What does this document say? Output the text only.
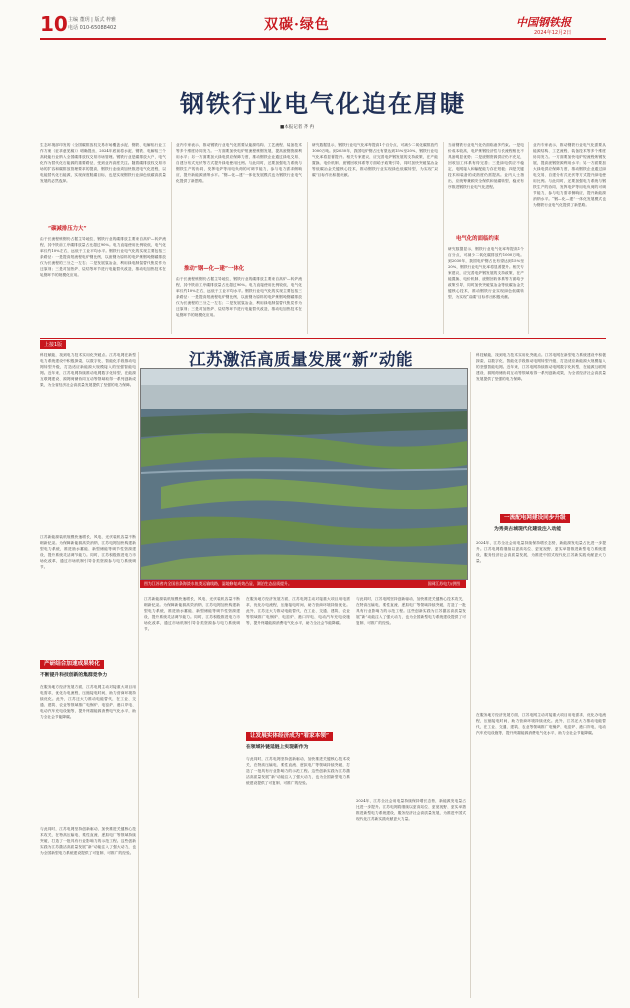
10 主编 董玥 | 版式 梓雅
电话 010-65088402	双碳·绿色	中国钢铁报
2024年12月2日
钢铁行业电气化迫在眉睫
■本报记者 齐 冉
生态环境部印发的《全国碳排放权交易市场覆盖水泥、钢铁、电解铝行业工作方案（征求意见稿）》明确提出，2024年底前将水泥、钢铁、电解铝三个高耗能行业纳入全国碳排放权交易市场管理。钢铁行业是碳排放大户，电气化作为替代化石能源的重要路径，受到业内高度关注。随着碳排放权交易市场的扩容和碳排放管理要求的提高，钢铁行业亟须加快推进电气化进程，以电能替代化石能源，实现深度脱碳目标，也是实现钢铁行业绿色低碳高质量发展的必然选择。
“碳减排压力大”
由于长流程炼钢仍占据主导地位，钢铁行业的碳排放主要来自高炉—转炉流程，其中铁前工序碳排放量占比超过90%。电力直接使用比例较低，电气化率仅约10%左右，远低于工业平均水平。钢铁行业电气化的实现主要包括三条路径：一是提高短流程电炉钢比例，以废钢为原料的电炉炼钢吨钢碳排放仅为长流程的三分之一左右；二是发展氢冶金，利用绿电制氢替代焦炭作为还原剂；三是对加热炉、烧结等环节进行电能替代改造，推动电加热技术在轧钢环节的规模化应用。
业内专家表示，推动钢铁行业电气化需要从能源结构、工艺流程、装备技术等多个维度协同发力。一方面要加快电炉短流程炼钢发展，提高废钢资源利用水平；另一方面要加大绿电供应保障力度，推动钢铁企业通过绿电交易、自建分布式光伏等方式提升绿电使用比例。与此同时，还要加强电力系统与钢铁生产的协同，发挥电炉等用电负荷的可调节能力，参与电力需求侧响应，提升新能源消纳水平。“钢—化—建”一体化发展模式也为钢铁行业电气化提供了新思路。
推动“钢—化—建”一体化
由于长流程炼钢仍占据主导地位，钢铁行业的碳排放主要来自高炉—转炉流程，其中铁前工序碳排放量占比超过90%。电力直接使用比例较低，电气化率仅约10%左右，远低于工业平均水平。钢铁行业电气化的实现主要包括三条路径：一是提高短流程电炉钢比例，以废钢为原料的电炉炼钢吨钢碳排放仅为长流程的三分之一左右；二是发展氢冶金，利用绿电制氢替代焦炭作为还原剂；三是对加热炉、烧结等环节进行电能替代改造，推动电加热技术在轧钢环节的规模化应用。
研究数据显示，钢铁行业电气化率每提高1个百分点，可减少二氧化碳排放约1000万吨。到2030年，我国电炉钢占比有望达到15%至20%，钢铁行业电气化率将显著提升。相关专家建议，应完善电炉钢发展的支持政策，在产能置换、电价机制、废钢回收体系等方面给予政策引导，同时加快突破氢冶金等低碳冶金关键核心技术，推动钢铁行业实现绿色低碳转型，为实现“双碳”目标作出积极贡献。
当前钢铁行业电气化仍面临诸多约束。一是电价成本较高，电炉炼钢经济性与长流程相比不具备明显优势；二是废钢资源供应仍不充足，回收加工体系有待完善；三是绿电供应不稳定，电网接入和输配能力存在短板；四是关键技术和装备的成熟度仍需提高。业内人士指出，应统筹兼顾安全保供和低碳转型，稳妥有序推进钢铁行业电气化进程。
电气化的面临约束
研究数据显示，钢铁行业电气化率每提高1个百分点，可减少二氧化碳排放约1000万吨。到2030年，我国电炉钢占比有望达到15%至20%，钢铁行业电气化率将显著提升。相关专家建议，应完善电炉钢发展的支持政策，在产能置换、电价机制、废钢回收体系等方面给予政策引导，同时加快突破氢冶金等低碳冶金关键核心技术，推动钢铁行业实现绿色低碳转型，为实现“双碳”目标作出积极贡献。
业内专家表示，推动钢铁行业电气化需要从能源结构、工艺流程、装备技术等多个维度协同发力。一方面要加快电炉短流程炼钢发展，提高废钢资源利用水平；另一方面要加大绿电供应保障力度，推动钢铁企业通过绿电交易、自建分布式光伏等方式提升绿电使用比例。与此同时，还要加强电力系统与钢铁生产的协同，发挥电炉等用电负荷的可调节能力，参与电力需求侧响应，提升新能源消纳水平。“钢—化—建”一体化发展模式也为钢铁行业电气化提供了新思路。
上接1版
科技赋能，找到电力技术实用化突破点。江苏电网在新型电力系统建设中积极探索，以数字化、智能化手段推动电网转型升级，打造适应新能源大规模接入的坚强智能电网。近年来，江苏电网持续推动电网数字化转型，在能源互联网建设、源网荷储协同互动等领域取得一系列创新成果，为全省经济社会高质量发展提供了坚强的电力保障。
江苏新能源装机规模快速增长，风电、光伏装机容量不断刷新纪录。为保障新能源高效消纳，江苏电网加快构建新型电力系统，推进抽水蓄能、新型储能等调节性资源建设，提升系统灵活调节能力。同时，江苏积极推进电力市场化改革，通过市场机制引导各类资源参与电力系统调节。
产研结合加速成果转化
不断提升科技创新的集群竞争力
在服务地方经济发展方面，江苏电网主动对接重大项目用电需求，优化办电流程，压缩接电时间，助力营商环境持续优化。此外，江苏还大力推动电能替代，在工业、交通、建筑、农业等领域推广电锅炉、电窑炉、港口岸电、电动汽车充电设施等，提升终端能源消费电气化水平，助力全社会节能降碳。
与此同时，江苏电网坚持创新驱动，加快推进关键核心技术攻关，在特高压输电、柔性直流、虚拟电厂等领域持续突破，打造了一批具有行业影响力的示范工程。这些创新实践为江苏激活高质量发展“新”动能注入了强大动力，也为全国新型电力系统建设提供了可复制、可推广的经验。
江苏激活高质量发展“新”动能
图为江苏省内全国首条海淡水鱼类运输线路，湿地修复成效凸显，湖泊生态品质提升。	国网江苏电力/供图
江苏新能源装机规模快速增长，风电、光伏装机容量不断刷新纪录。为保障新能源高效消纳，江苏电网加快构建新型电力系统，推进抽水蓄能、新型储能等调节性资源建设，提升系统灵活调节能力。同时，江苏积极推进电力市场化改革，通过市场机制引导各类资源参与电力系统调节。
在服务地方经济发展方面，江苏电网主动对接重大项目用电需求，优化办电流程，压缩接电时间，助力营商环境持续优化。此外，江苏还大力推动电能替代，在工业、交通、建筑、农业等领域推广电锅炉、电窑炉、港口岸电、电动汽车充电设施等，提升终端能源消费电气化水平，助力全社会节能降碳。
让发展实体经济成为“看家本领”
在领域补链延链上实现新作为
与此同时，江苏电网坚持创新驱动，加快推进关键核心技术攻关，在特高压输电、柔性直流、虚拟电厂等领域持续突破，打造了一批具有行业影响力的示范工程。这些创新实践为江苏激活高质量发展“新”动能注入了强大动力，也为全国新型电力系统建设提供了可复制、可推广的经验。
与此同时，江苏电网坚持创新驱动，加快推进关键核心技术攻关，在特高压输电、柔性直流、虚拟电厂等领域持续突破，打造了一批具有行业影响力的示范工程。这些创新实践为江苏激活高质量发展“新”动能注入了强大动力，也为全国新型电力系统建设提供了可复制、可推广的经验。
2024年，江苏全社会用电量持续保持增长态势，新能源发电量占比进一步提升。江苏电网将继续以更高站位、更宽视野、更实举措推进新型电力系统建设，服务经济社会高质量发展，为推进中国式现代化江苏新实践贡献更大力量。
科技赋能，找到电力技术实用化突破点。江苏电网在新型电力系统建设中积极探索，以数字化、智能化手段推动电网转型升级，打造适应新能源大规模接入的坚强智能电网。近年来，江苏电网持续推动电网数字化转型，在能源互联网建设、源网荷储协同互动等领域取得一系列创新成果，为全省经济社会高质量发展提供了坚强的电力保障。
一流配电网建设同步升级
为秀美古城现代化建设注入动能
2024年，江苏全社会用电量持续保持增长态势，新能源发电量占比进一步提升。江苏电网将继续以更高站位、更宽视野、更实举措推进新型电力系统建设，服务经济社会高质量发展，为推进中国式现代化江苏新实践贡献更大力量。
在服务地方经济发展方面，江苏电网主动对接重大项目用电需求，优化办电流程，压缩接电时间，助力营商环境持续优化。此外，江苏还大力推动电能替代，在工业、交通、建筑、农业等领域推广电锅炉、电窑炉、港口岸电、电动汽车充电设施等，提升终端能源消费电气化水平，助力全社会节能降碳。
